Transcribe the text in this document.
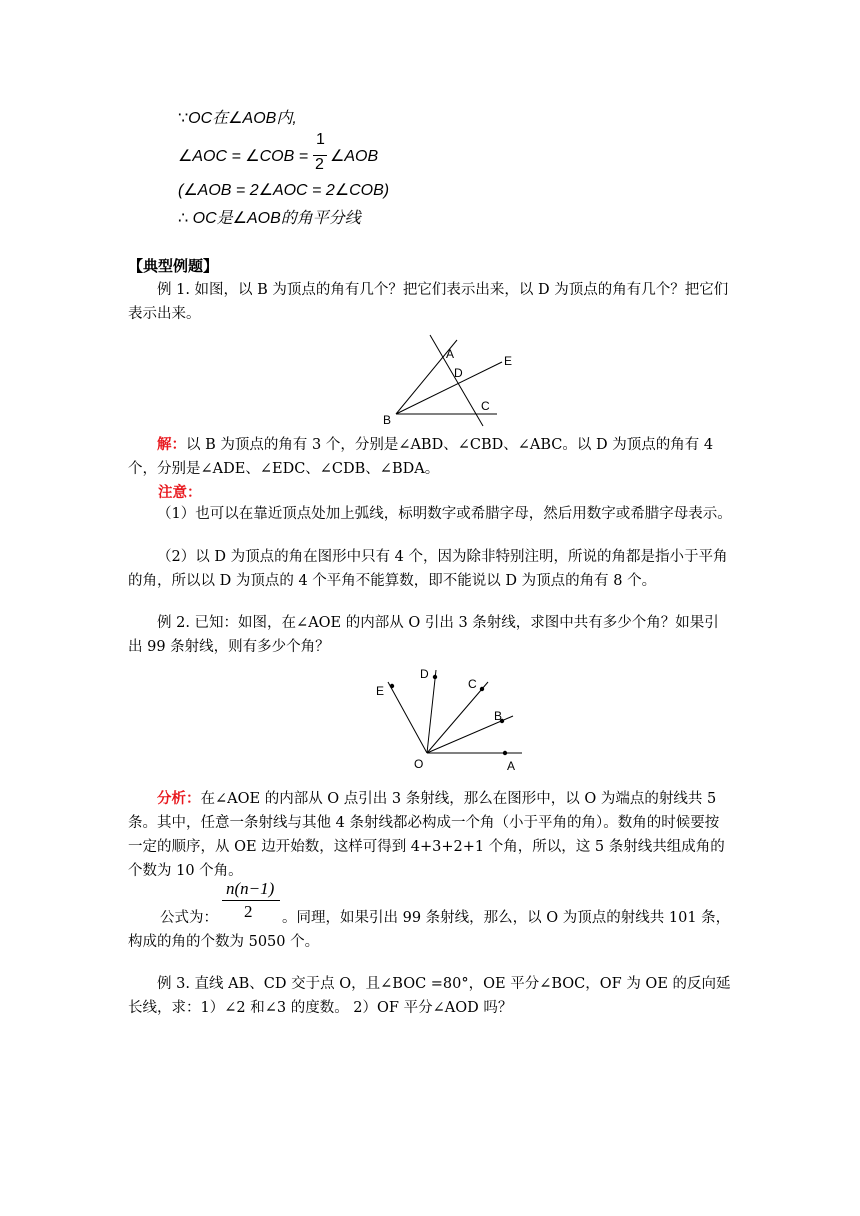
∵OC在∠AOB内,
∠AOC = ∠COB =
1
2 ∠AOB
(∠AOB = 2∠AOC = 2∠COB)
∴ OC是∠AOB的角平分线
【典型例题】
例 1. 如图，以 B 为顶点的角有几个？把它们表示出来，以 D 为顶点的角有几个？把它们表示出来。
A
B
C
D
E
解：以 B 为顶点的角有 3 个，分别是∠ABD、∠CBD、∠ABC。以 D 为顶点的角有 4 个，分别是∠ADE、∠EDC、∠CDB、∠BDA。
注意：
（1）也可以在靠近顶点处加上弧线，标明数字或希腊字母，然后用数字或希腊字母表示。
（2）以 D 为顶点的角在图形中只有 4 个，因为除非特别注明，所说的角都是指小于平角的角，所以以 D 为顶点的 4 个平角不能算数，即不能说以 D 为顶点的角有 8 个。
例 2. 已知：如图，在∠AOE 的内部从 O 引出 3 条射线，求图中共有多少个角？如果引出 99 条射线，则有多少个角？
O	A
B
C
D
E
分析：在∠AOE 的内部从 O 点引出 3 条射线，那么在图形中，以 O 为端点的射线共 5 条。其中，任意一条射线与其他 4 条射线都必构成一个角（小于平角的角）。数角的时候要按一定的顺序，从 OE 边开始数，这样可得到 4+3+2+1 个角，所以，这 5 条射线共组成角的个数为 10 个角。
n(n−1)
2
公式为：	。同理，如果引出 99 条射线，那么，以 O 为顶点的射线共 101 条，构成的角的个数为 5050 个。
例 3. 直线 AB、CD 交于点 O，且∠BOC =80°，OE 平分∠BOC，OF 为 OE 的反向延长线，求：1）∠2 和∠3 的度数。 2）OF 平分∠AOD 吗？
